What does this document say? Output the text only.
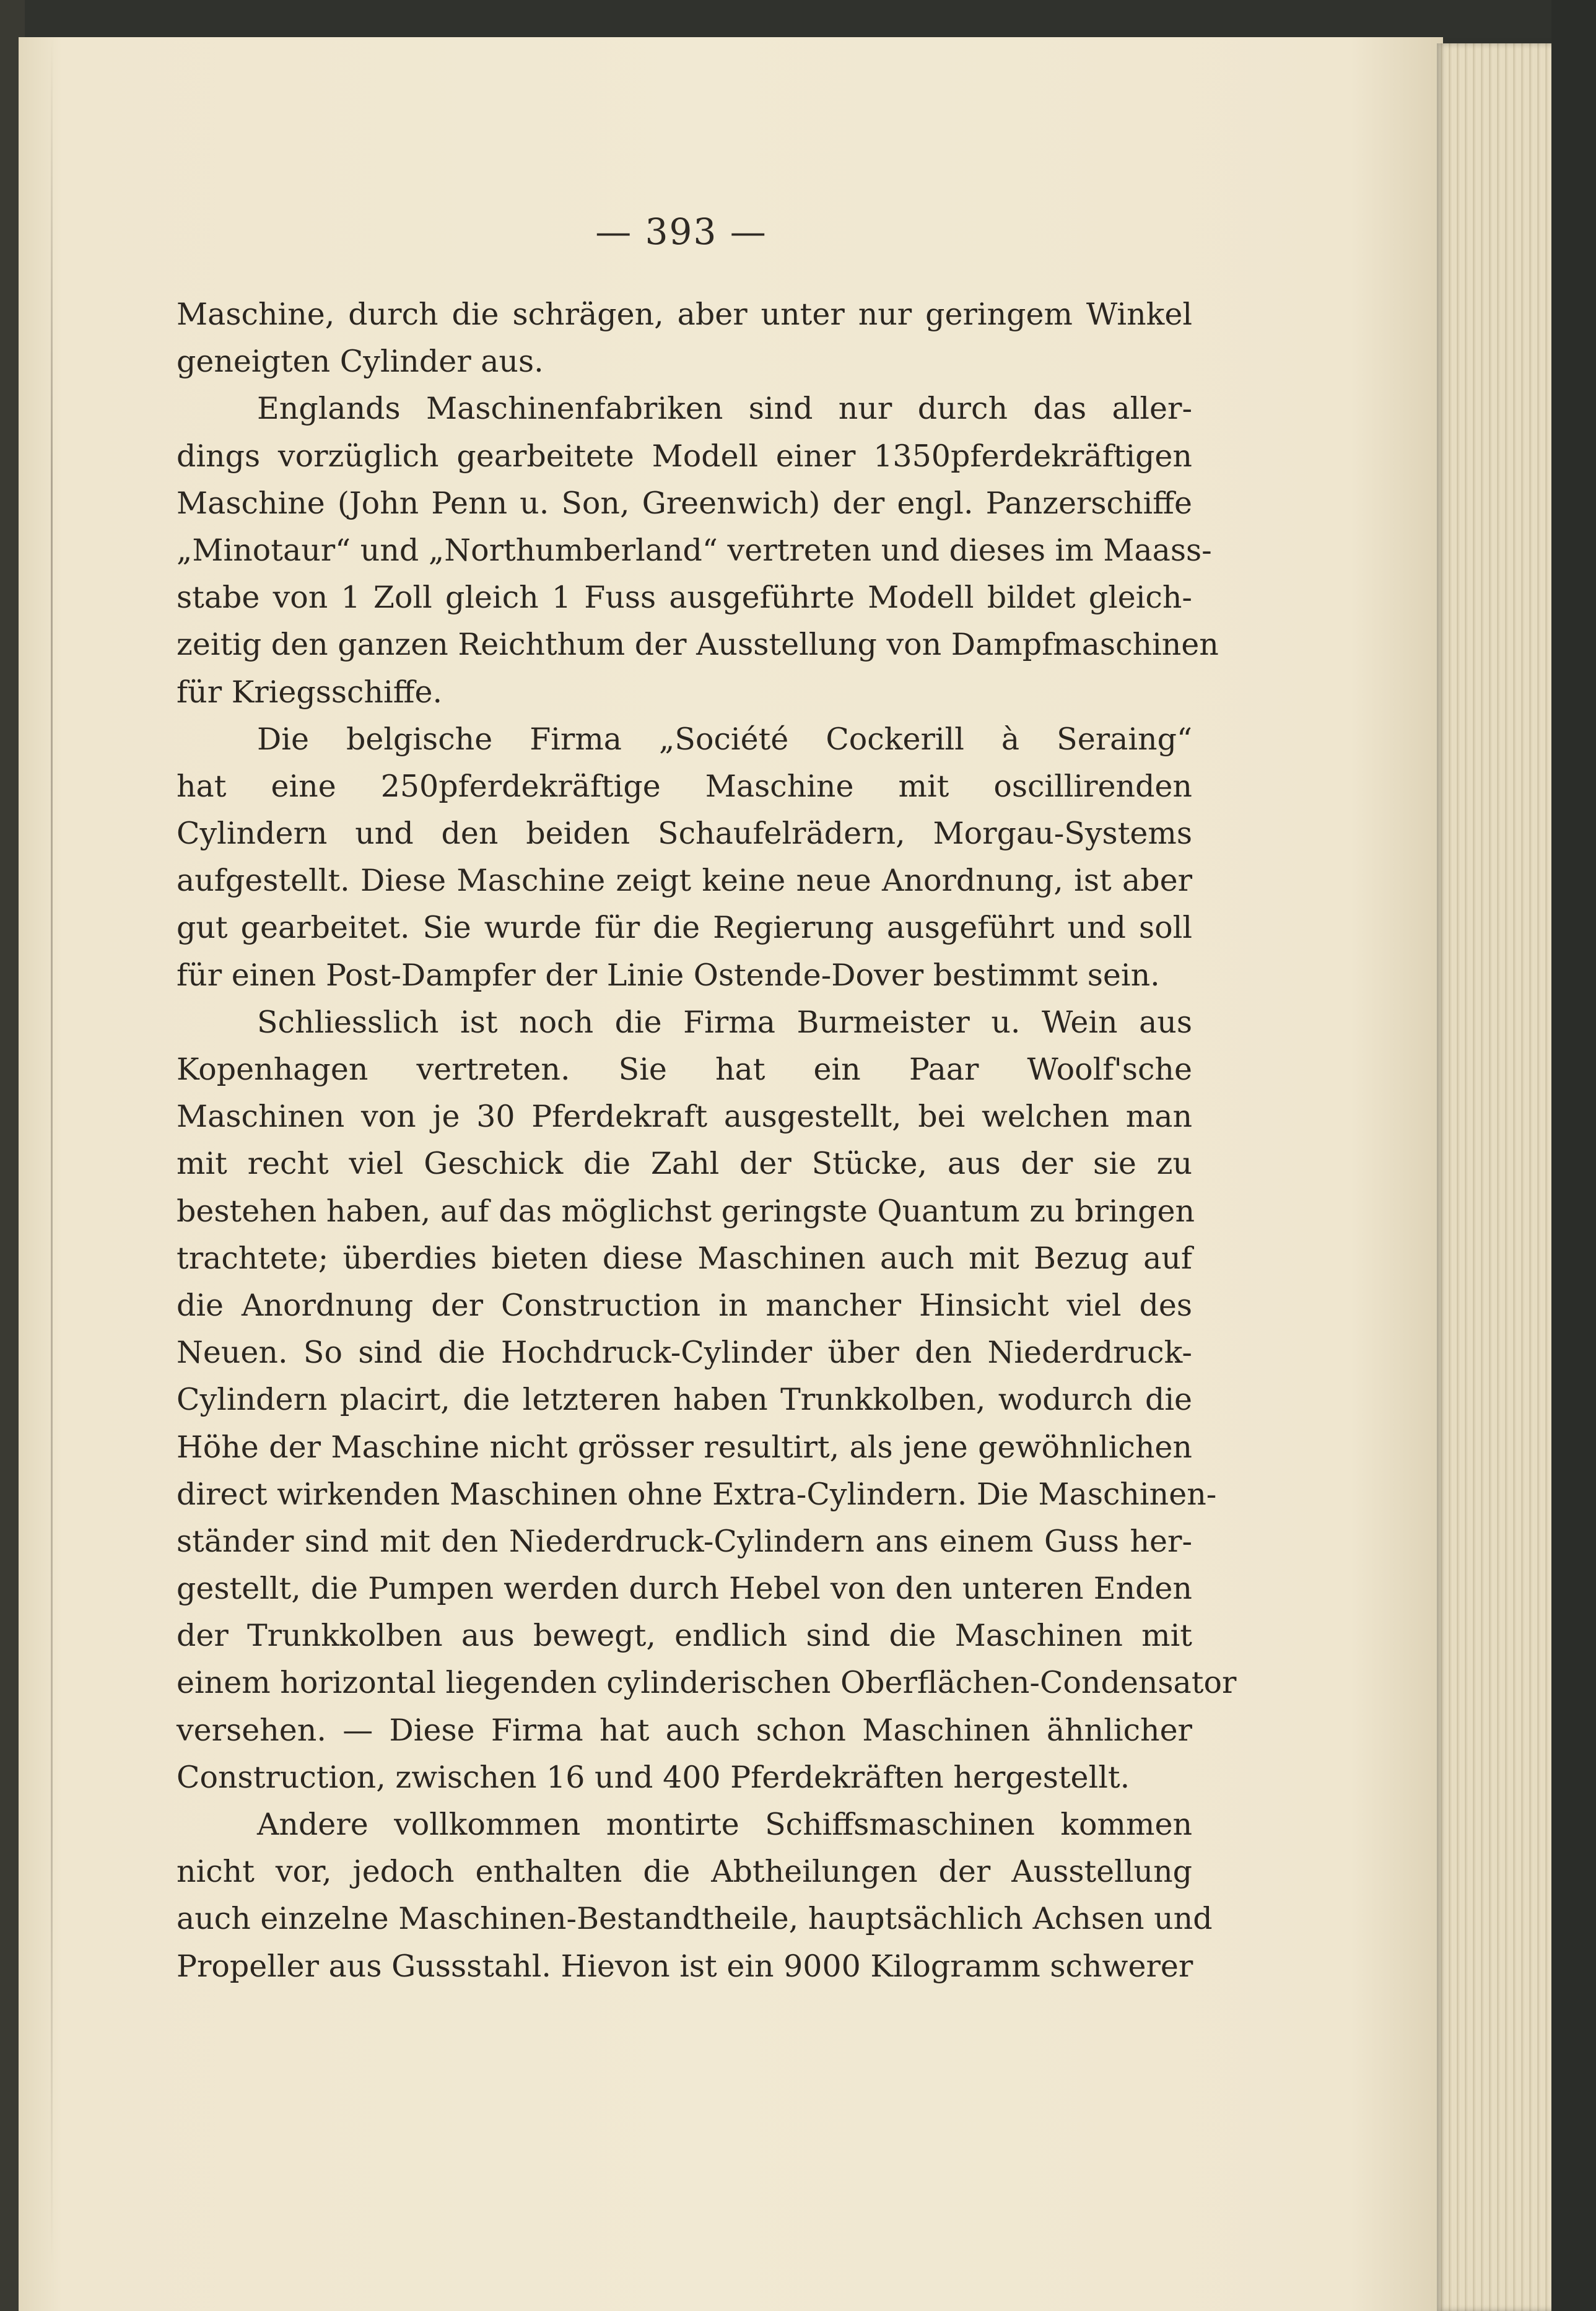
— 393 —
Maschine, durch die schrägen, aber unter nur geringem Winkel
geneigten Cylinder aus.
Englands Maschinenfabriken sind nur durch das aller-
dings vorzüglich gearbeitete Modell einer 1350pferdekräftigen
Maschine (John Penn u. Son, Greenwich) der engl. Panzerschiffe
„Minotaur“ und „Northumberland“ vertreten und dieses im Maass-
stabe von 1 Zoll gleich 1 Fuss ausgeführte Modell bildet gleich-
zeitig den ganzen Reichthum der Ausstellung von Dampfmaschinen
für Kriegsschiffe.
Die belgische Firma „Société Cockerill à Seraing“
hat eine 250pferdekräftige Maschine mit oscillirenden
Cylindern und den beiden Schaufelrädern, Morgau-Systems
aufgestellt. Diese Maschine zeigt keine neue Anordnung, ist aber
gut gearbeitet. Sie wurde für die Regierung ausgeführt und soll
für einen Post-Dampfer der Linie Ostende-Dover bestimmt sein.
Schliesslich ist noch die Firma Burmeister u. Wein aus
Kopenhagen vertreten. Sie hat ein Paar Woolf'sche
Maschinen von je 30 Pferdekraft ausgestellt, bei welchen man
mit recht viel Geschick die Zahl der Stücke, aus der sie zu
bestehen haben, auf das möglichst geringste Quantum zu bringen
trachtete; überdies bieten diese Maschinen auch mit Bezug auf
die Anordnung der Construction in mancher Hinsicht viel des
Neuen. So sind die Hochdruck-Cylinder über den Niederdruck-
Cylindern placirt, die letzteren haben Trunkkolben, wodurch die
Höhe der Maschine nicht grösser resultirt, als jene gewöhnlichen
direct wirkenden Maschinen ohne Extra-Cylindern. Die Maschinen-
ständer sind mit den Niederdruck-Cylindern ans einem Guss her-
gestellt, die Pumpen werden durch Hebel von den unteren Enden
der Trunkkolben aus bewegt, endlich sind die Maschinen mit
einem horizontal liegenden cylinderischen Oberflächen-Condensator
versehen. — Diese Firma hat auch schon Maschinen ähnlicher
Construction, zwischen 16 und 400 Pferdekräften hergestellt.
Andere vollkommen montirte Schiffsmaschinen kommen
nicht vor, jedoch enthalten die Abtheilungen der Ausstellung
auch einzelne Maschinen-Bestandtheile, hauptsächlich Achsen und
Propeller aus Gussstahl. Hievon ist ein 9000 Kilogramm schwerer
